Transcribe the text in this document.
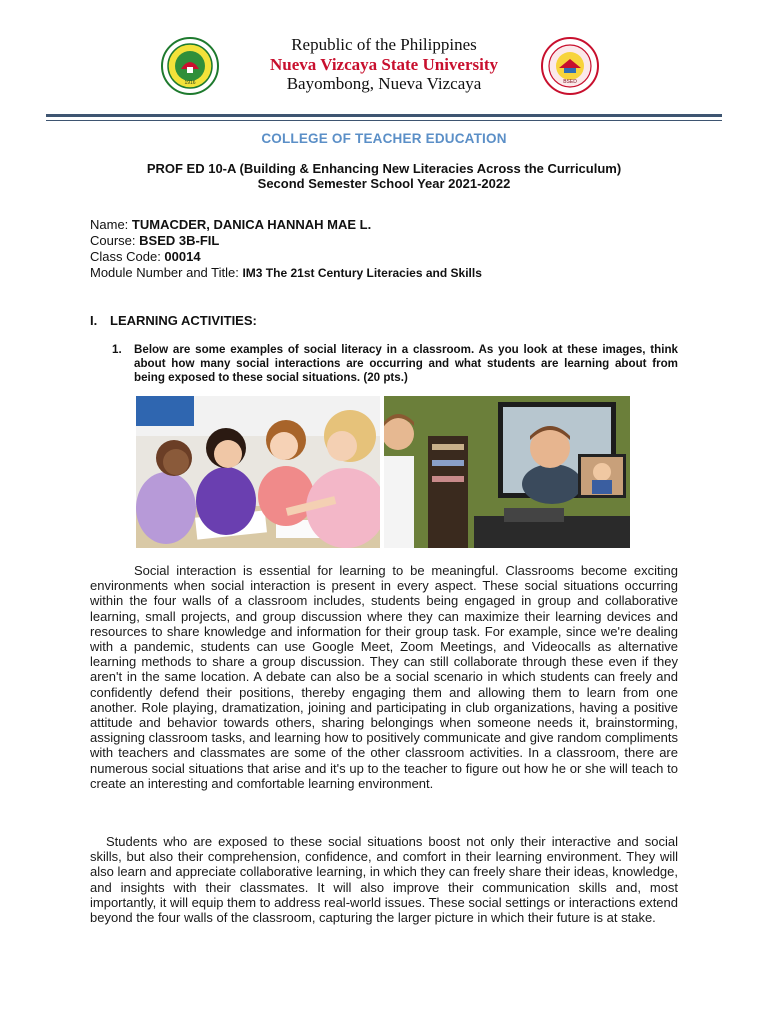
1916
Republic of the Philippines
Nueva Vizcaya State University
Bayombong, Nueva Vizcaya	BSED
COLLEGE OF TEACHER EDUCATION
PROF ED 10-A (Building & Enhancing New Literacies Across the Curriculum)
Second Semester School Year 2021-2022
Name: TUMACDER, DANICA HANNAH MAE L.
Course: BSED 3B-FIL
Class Code: 00014
Module Number and Title: IM3 The 21st Century Literacies and Skills
I. LEARNING ACTIVITIES:
1. Below are some examples of social literacy in a classroom. As you look at these images, think about how many social interactions are occurring and what students are learning about from being exposed to these social situations. (20 pts.)
Social interaction is essential for learning to be meaningful. Classrooms become exciting environments when social interaction is present in every aspect. These social situations occurring within the four walls of a classroom includes, students being engaged in group and collaborative learning, small projects, and group discussion where they can maximize their learning devices and resources to share knowledge and information for their group task. For example, since we're dealing with a pandemic, students can use Google Meet, Zoom Meetings, and Videocalls as alternative learning methods to share a group discussion. They can still collaborate through these even if they aren't in the same location. A debate can also be a social scenario in which students can freely and confidently defend their positions, thereby engaging them and allowing them to learn from one another. Role playing, dramatization, joining and participating in club organizations, having a positive attitude and behavior towards others, sharing belongings when someone needs it, brainstorming, assigning classroom tasks, and learning how to positively communicate and give random compliments with teachers and classmates are some of the other classroom activities. In a classroom, there are numerous social situations that arise and it's up to the teacher to figure out how he or she will teach to create an interesting and comfortable learning environment.
Students who are exposed to these social situations boost not only their interactive and social skills, but also their comprehension, confidence, and comfort in their learning environment. They will also learn and appreciate collaborative learning, in which they can freely share their ideas, knowledge, and insights with their classmates. It will also improve their communication skills and, most importantly, it will equip them to address real-world issues. These social settings or interactions extend beyond the four walls of the classroom, capturing the larger picture in which their future is at stake.
